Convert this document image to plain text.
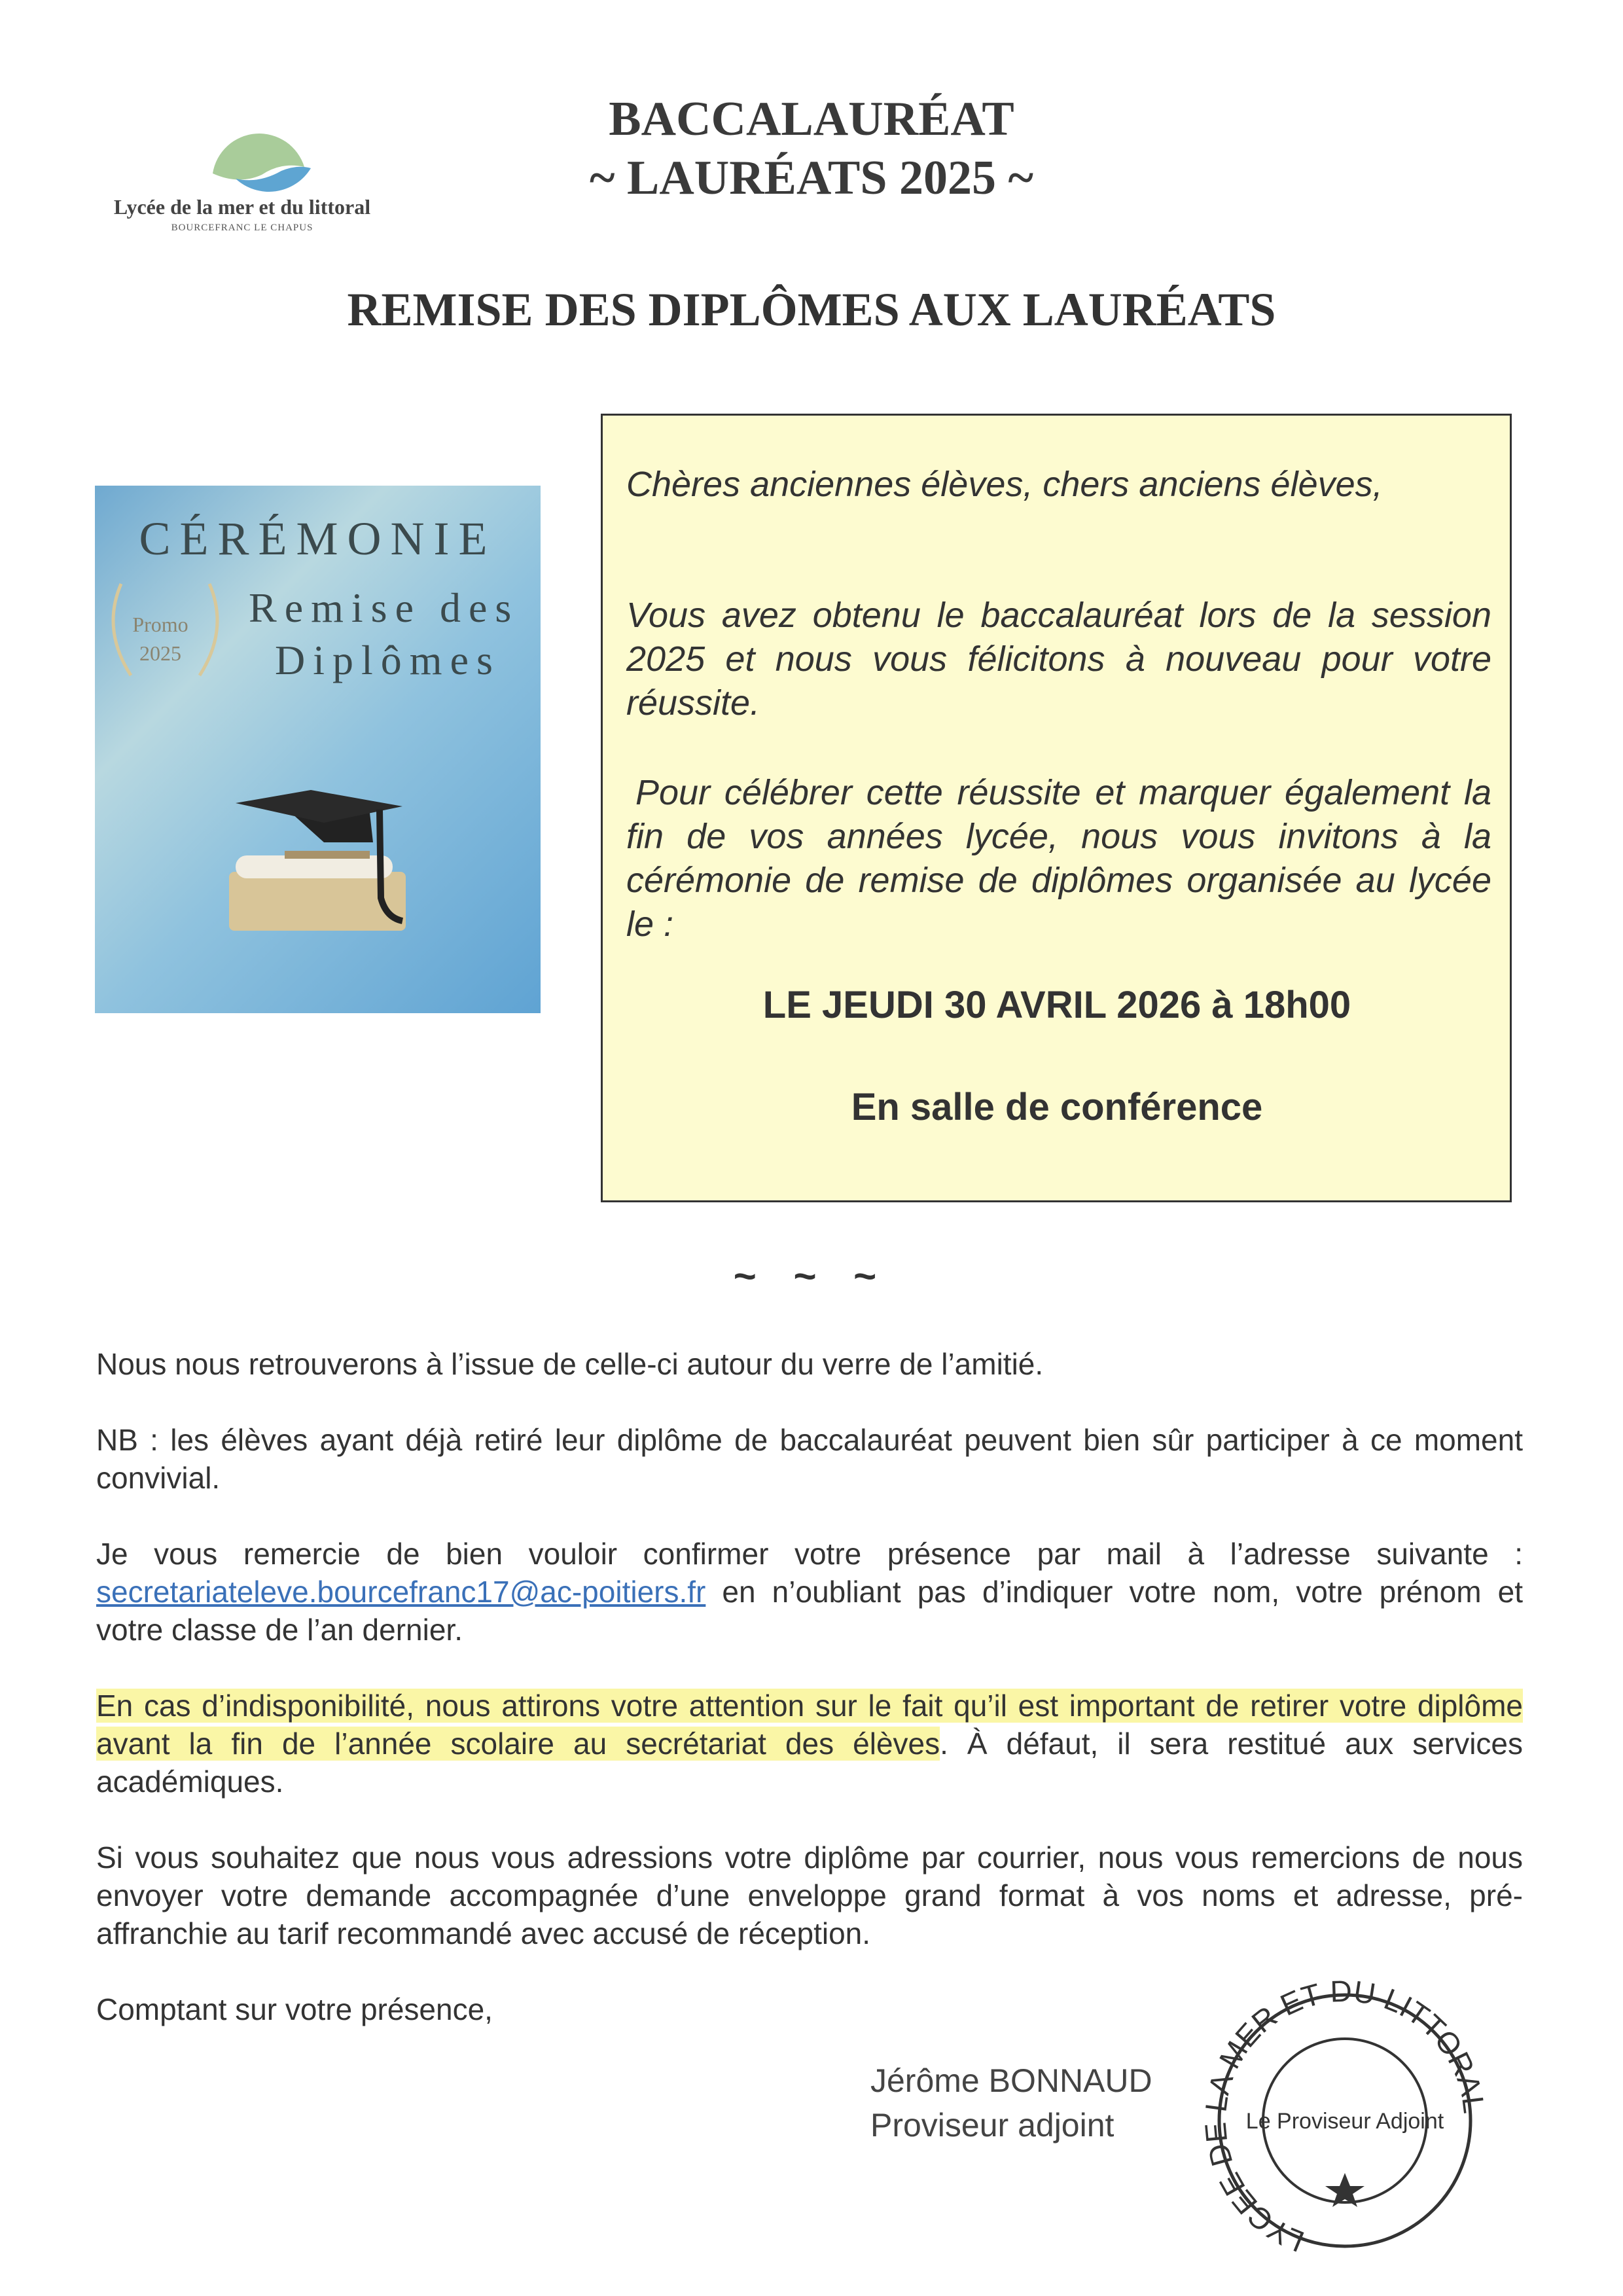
BACCALAURÉAT
~ LAURÉATS 2025 ~
REMISE DES DIPLÔMES AUX LAURÉATS
Lycée de la mer et du littoral
BOURCEFRANC LE CHAPUS
CÉRÉMONIE
Remise des
Diplômes
Promo
2025
Chères anciennes élèves, chers anciens élèves,
Vous avez obtenu le baccalauréat lors de la session 2025 et nous vous félicitons à nouveau pour votre réussite.
Pour célébrer cette réussite et marquer également la fin de vos années lycée, nous vous invitons à la cérémonie de remise de diplômes organisée au lycée le :
LE JEUDI 30 AVRIL 2026 à 18h00
En salle de conférence
~ ~ ~
Nous nous retrouverons à l’issue de celle-ci autour du verre de l’amitié.
NB : les élèves ayant déjà retiré leur diplôme de baccalauréat peuvent bien sûr participer à ce moment convivial.
Je vous remercie de bien vouloir confirmer votre présence par mail à l’adresse suivante : secretariateleve.bourcefranc17@ac-poitiers.fr en n’oubliant pas d’indiquer votre nom, votre prénom et votre classe de l’an dernier.
En cas d’indisponibilité, nous attirons votre attention sur le fait qu’il est important de retirer votre diplôme avant la fin de l’année scolaire au secrétariat des élèves. À défaut, il sera restitué aux services académiques.
Si vous souhaitez que nous vous adressions votre diplôme par courrier, nous vous remercions de nous envoyer votre demande accompagnée d’une enveloppe grand format à vos noms et adresse, pré-affranchie au tarif recommandé avec accusé de réception.
Comptant sur votre présence,
LYCEE DE LA MER ET DU LITTORAL
Le Proviseur Adjoint
Jérôme BONNAUD
Proviseur adjoint
